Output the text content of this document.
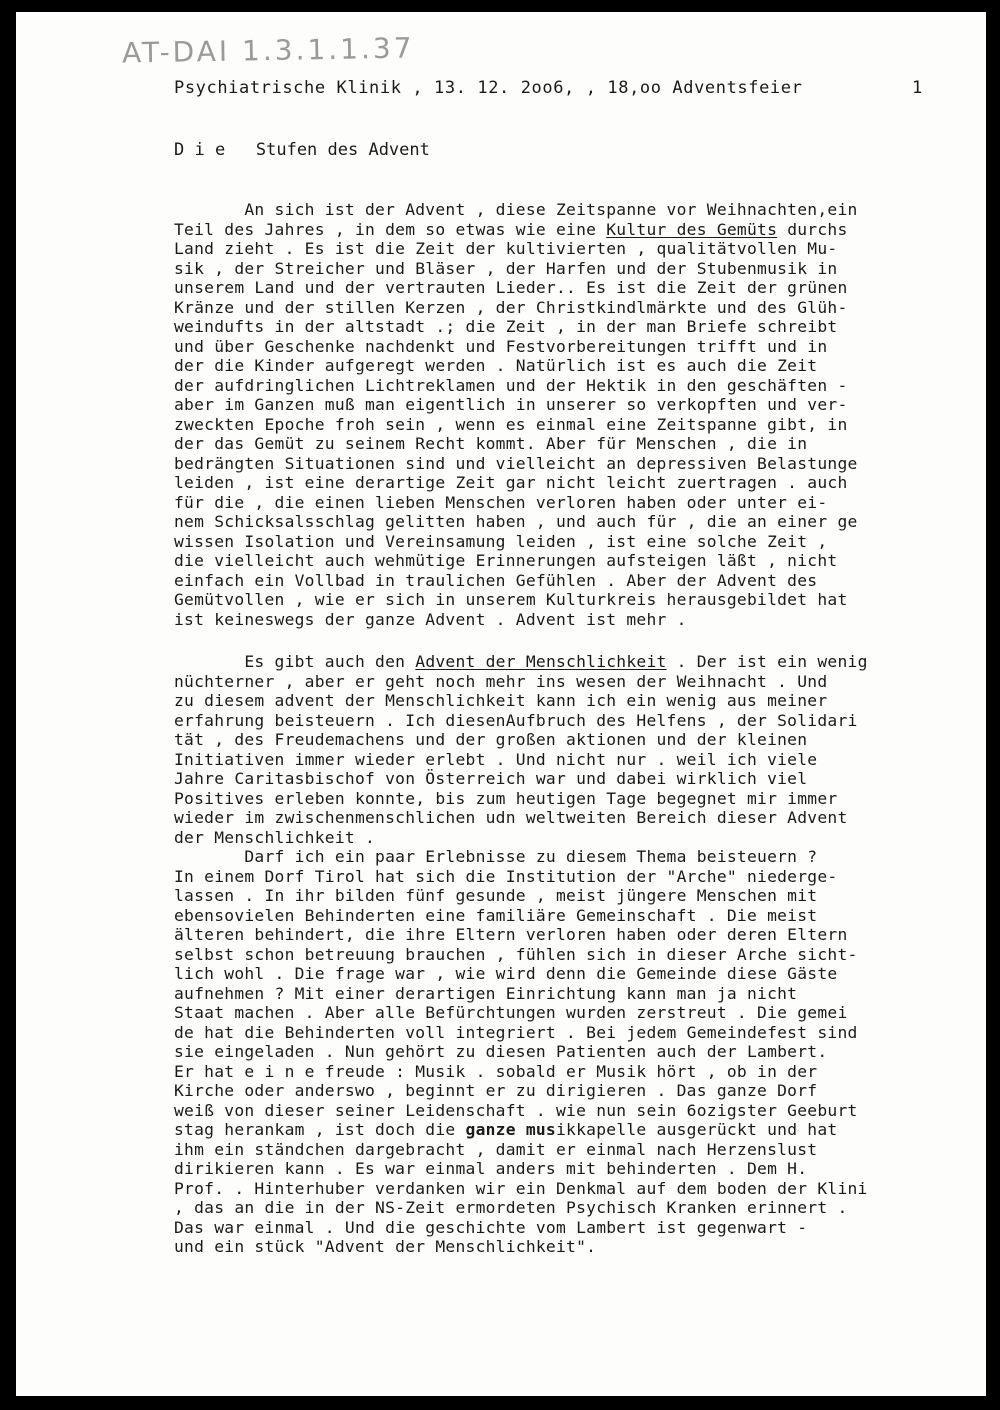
AT-DAI 1.3.1.1.37
Psychiatrische Klinik , 13. 12. 2oo6, , 18,oo Adventsfeier	1
D i e   Stufen des Advent
An sich ist der Advent , diese Zeitspanne vor Weihnachten,ein
Teil des Jahres , in dem so etwas wie eine Kultur des Gemüts durchs
Land zieht . Es ist die Zeit der kultivierten , qualitätvollen Mu-
sik , der Streicher und Bläser , der Harfen und der Stubenmusik in
unserem Land und der vertrauten Lieder.. Es ist die Zeit der grünen
Kränze und der stillen Kerzen , der Christkindlmärkte und des Glüh-
weindufts in der altstadt .; die Zeit , in der man Briefe schreibt
und über Geschenke nachdenkt und Festvorbereitungen trifft und in
der die Kinder aufgeregt werden . Natürlich ist es auch die Zeit
der aufdringlichen Lichtreklamen und der Hektik in den geschäften -
aber im Ganzen muß man eigentlich in unserer so verkopften und ver-
zweckten Epoche froh sein , wenn es einmal eine Zeitspanne gibt, in
der das Gemüt zu seinem Recht kommt. Aber für Menschen , die in
bedrängten Situationen sind und vielleicht an depressiven Belastunge
leiden , ist eine derartige Zeit gar nicht leicht zuertragen . auch
für die , die einen lieben Menschen verloren haben oder unter ei-
nem Schicksalsschlag gelitten haben , und auch für , die an einer ge
wissen Isolation und Vereinsamung leiden , ist eine solche Zeit ,
die vielleicht auch wehmütige Erinnerungen aufsteigen läßt , nicht
einfach ein Vollbad in traulichen Gefühlen . Aber der Advent des
Gemütvollen , wie er sich in unserem Kulturkreis herausgebildet hat
ist keineswegs der ganze Advent . Advent ist mehr .
Es gibt auch den Advent der Menschlichkeit . Der ist ein wenig
nüchterner , aber er geht noch mehr ins wesen der Weihnacht . Und
zu diesem advent der Menschlichkeit kann ich ein wenig aus meiner
erfahrung beisteuern . Ich diesenAufbruch des Helfens , der Solidari
tät , des Freudemachens und der großen aktionen und der kleinen
Initiativen immer wieder erlebt . Und nicht nur . weil ich viele
Jahre Caritasbischof von Österreich war und dabei wirklich viel
Positives erleben konnte, bis zum heutigen Tage begegnet mir immer
wieder im zwischenmenschlichen udn weltweiten Bereich dieser Advent
der Menschlichkeit .
Darf ich ein paar Erlebnisse zu diesem Thema beisteuern ?
In einem Dorf Tirol hat sich die Institution der "Arche" niederge-
lassen . In ihr bilden fünf gesunde , meist jüngere Menschen mit
ebensovielen Behinderten eine familiäre Gemeinschaft . Die meist
älteren behindert, die ihre Eltern verloren haben oder deren Eltern
selbst schon betreuung brauchen , fühlen sich in dieser Arche sicht-
lich wohl . Die frage war , wie wird denn die Gemeinde diese Gäste
aufnehmen ? Mit einer derartigen Einrichtung kann man ja nicht
Staat machen . Aber alle Befürchtungen wurden zerstreut . Die gemei
de hat die Behinderten voll integriert . Bei jedem Gemeindefest sind
sie eingeladen . Nun gehört zu diesen Patienten auch der Lambert.
Er hat e i n e freude : Musik . sobald er Musik hört , ob in der
Kirche oder anderswo , beginnt er zu dirigieren . Das ganze Dorf
weiß von dieser seiner Leidenschaft . wie nun sein 6ozigster Geeburt
stag herankam , ist doch die ganze musikkapelle ausgerückt und hat
ihm ein ständchen dargebracht , damit er einmal nach Herzenslust
dirikieren kann . Es war einmal anders mit behinderten . Dem H.
Prof. . Hinterhuber verdanken wir ein Denkmal auf dem boden der Klini
, das an die in der NS-Zeit ermordeten Psychisch Kranken erinnert .
Das war einmal . Und die geschichte vom Lambert ist gegenwart -
und ein stück "Advent der Menschlichkeit".
